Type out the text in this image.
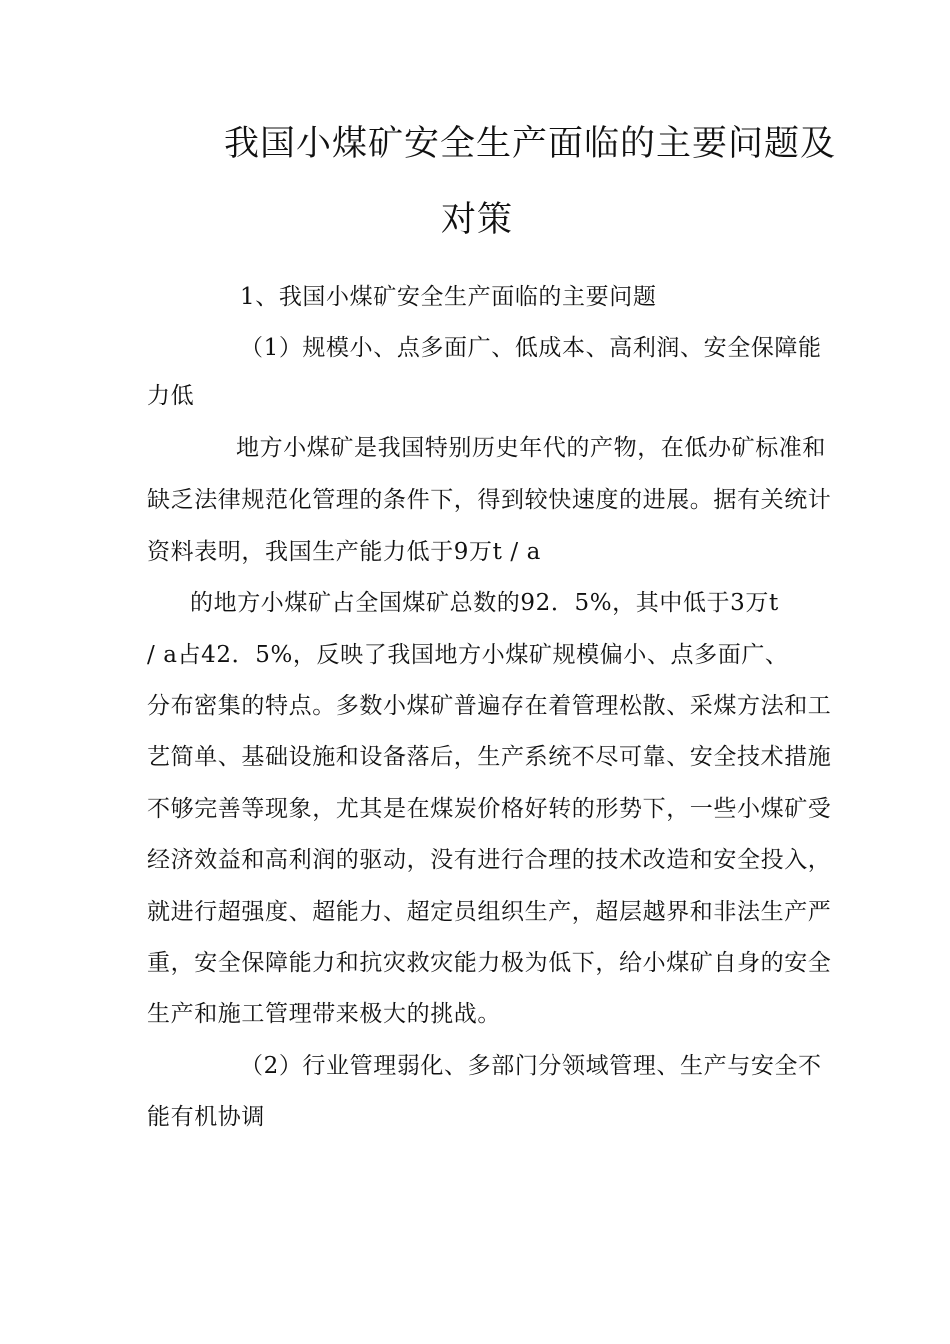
我国小煤矿安全生产面临的主要问题及
对策
1、我国小煤矿安全生产面临的主要问题
（1）规模小、点多面广、低成本、高利润、安全保障能
力低
地方小煤矿是我国特别历史年代的产物，在低办矿标准和
缺乏法律规范化管理的条件下，得到较快速度的进展。据有关统计
资料表明，我国生产能力低于9万t / a
的地方小煤矿占全国煤矿总数的92．5%，其中低于3万t
/ a占42．5%，反映了我国地方小煤矿规模偏小、点多面广、
分布密集的特点。多数小煤矿普遍存在着管理松散、采煤方法和工
艺简单、基础设施和设备落后，生产系统不尽可靠、安全技术措施
不够完善等现象，尤其是在煤炭价格好转的形势下，一些小煤矿受
经济效益和高利润的驱动，没有进行合理的技术改造和安全投入，
就进行超强度、超能力、超定员组织生产，超层越界和非法生产严
重，安全保障能力和抗灾救灾能力极为低下，给小煤矿自身的安全
生产和施工管理带来极大的挑战。
（2）行业管理弱化、多部门分领域管理、生产与安全不
能有机协调
